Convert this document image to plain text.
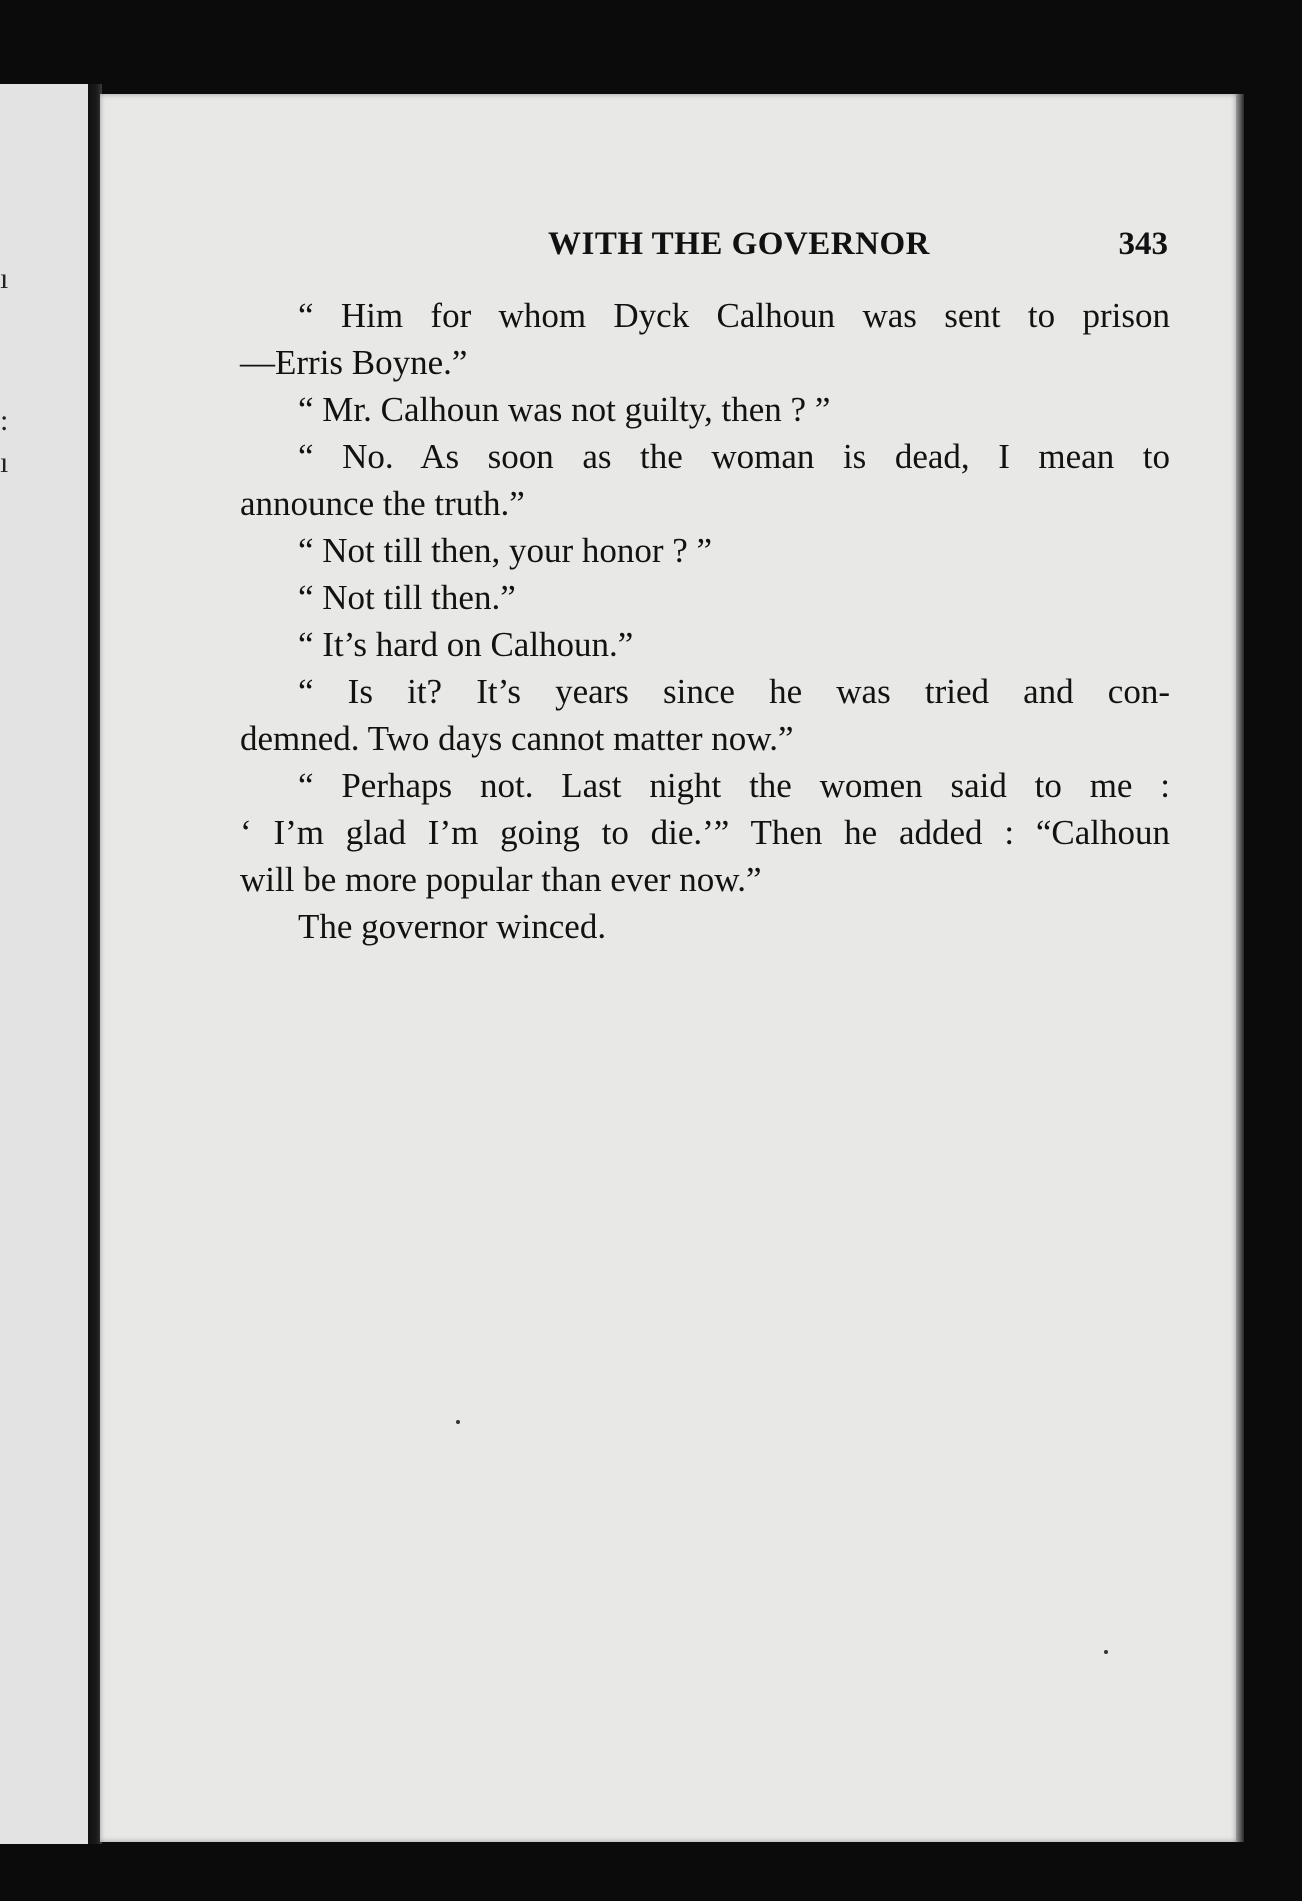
ı
:
ı
WITH THE GOVERNOR	343
“ Him for whom Dyck Calhoun was sent to prison
—Erris Boyne.”
“ Mr. Calhoun was not guilty, then ? ”
“ No. As soon as the woman is dead, I mean to
announce the truth.”
“ Not till then, your honor ? ”
“ Not till then.”
“ It’s hard on Calhoun.”
“ Is it? It’s years since he was tried and con-
demned. Two days cannot matter now.”
“ Perhaps not. Last night the women said to me :
‘ I’m glad I’m going to die.’” Then he added : “Calhoun
will be more popular than ever now.”
The governor winced.
